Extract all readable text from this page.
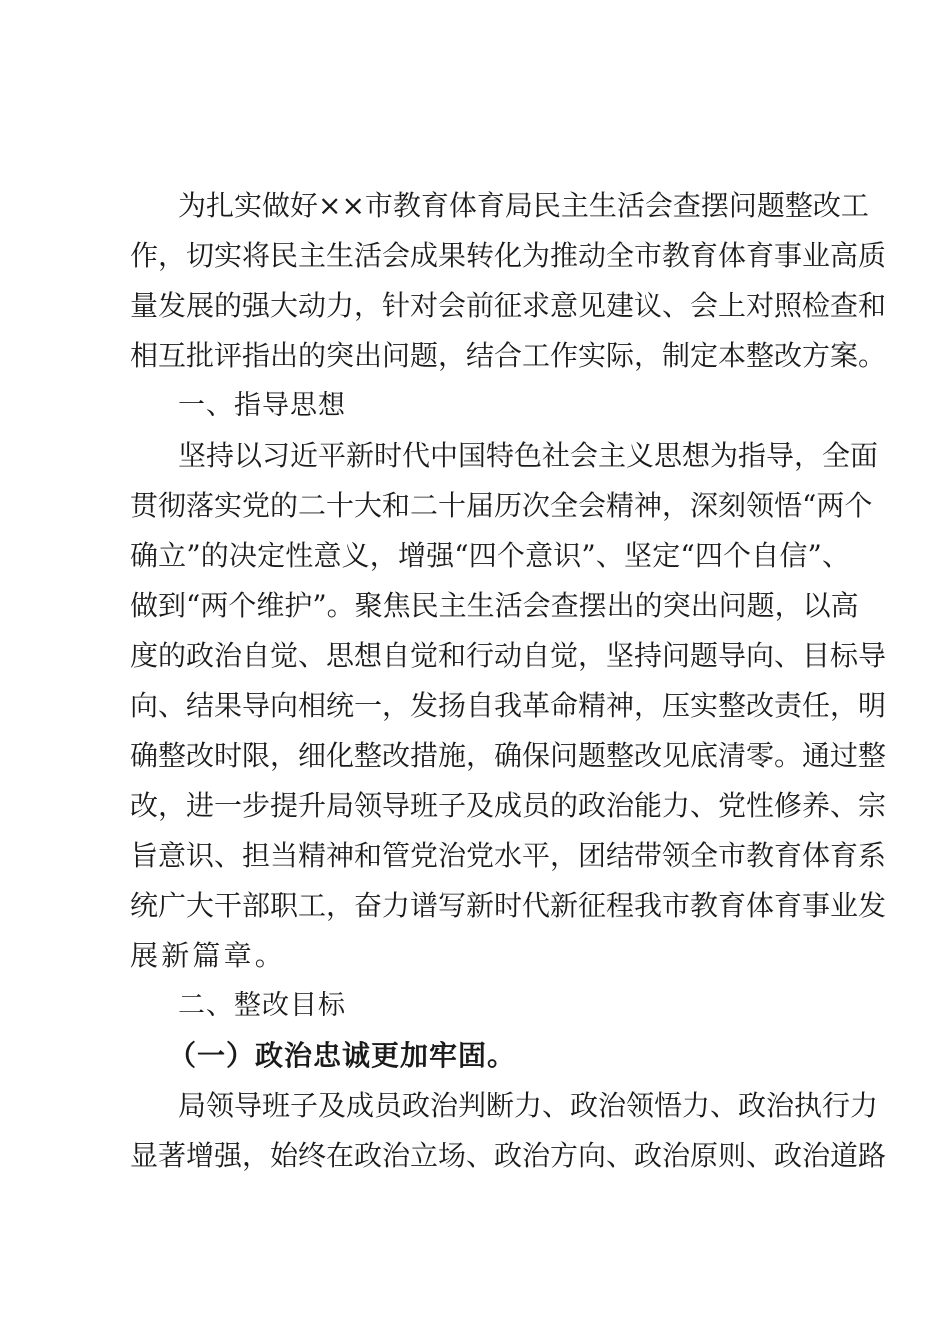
为扎实做好××市教育体育局民主生活会查摆问题整改工
作，切实将民主生活会成果转化为推动全市教育体育事业高质
量发展的强大动力，针对会前征求意见建议、会上对照检查和
相互批评指出的突出问题，结合工作实际，制定本整改方案。
一、指导思想
坚持以习近平新时代中国特色社会主义思想为指导，全面
贯彻落实党的二十大和二十届历次全会精神，深刻领悟“两个
确立”的决定性意义，增强“四个意识”、坚定“四个自信”、
做到“两个维护”。聚焦民主生活会查摆出的突出问题，以高
度的政治自觉、思想自觉和行动自觉，坚持问题导向、目标导
向、结果导向相统一，发扬自我革命精神，压实整改责任，明
确整改时限，细化整改措施，确保问题整改见底清零。通过整
改，进一步提升局领导班子及成员的政治能力、党性修养、宗
旨意识、担当精神和管党治党水平，团结带领全市教育体育系
统广大干部职工，奋力谱写新时代新征程我市教育体育事业发
展新篇章。
二、整改目标
（一）政治忠诚更加牢固。
局领导班子及成员政治判断力、政治领悟力、政治执行力
显著增强，始终在政治立场、政治方向、政治原则、政治道路
